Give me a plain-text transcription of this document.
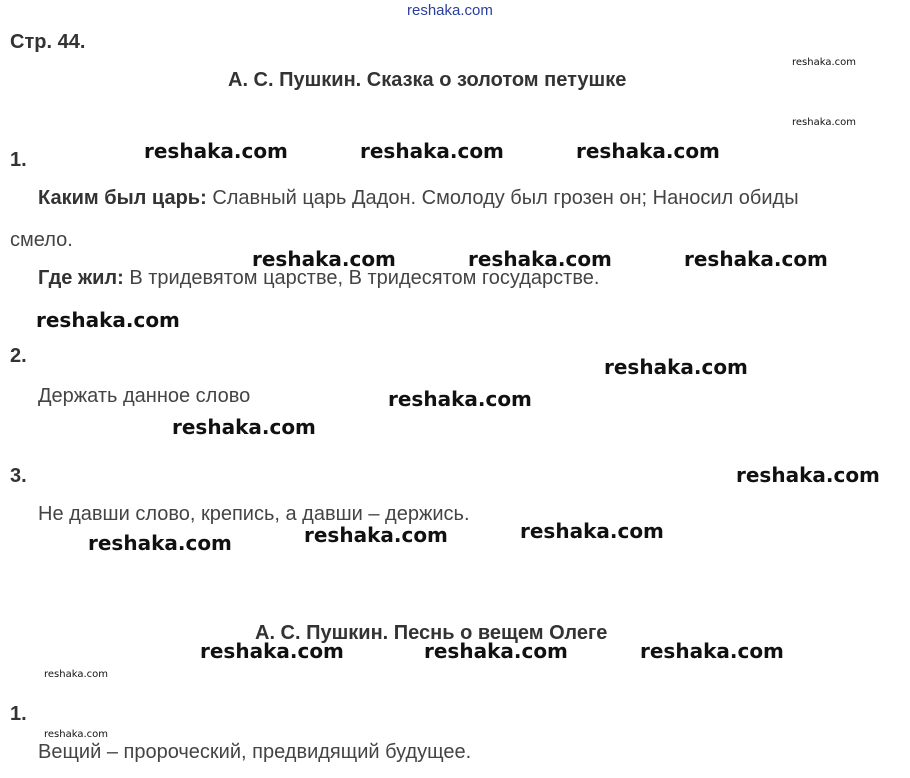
reshaka.com
Стр. 44.
А. С. Пушкин. Сказка о золотом петушке
1.
Каким был царь: Славный царь Дадон. Смолоду был грозен он; Наносил обиды
смело.
Где жил: В тридевятом царстве, В тридесятом государстве.
2.
Держать данное слово
3.
Не давши слово, крепись, а давши – держись.
А. С. Пушкин. Песнь о вещем Олеге
1.
Вещий – пророческий, предвидящий будущее.
reshaka.com
reshaka.com
reshaka.com
reshaka.com
reshaka.com	reshaka.com	reshaka.com
reshaka.com	reshaka.com	reshaka.com
reshaka.com
reshaka.com
reshaka.com
reshaka.com
reshaka.com
reshaka.com
reshaka.com
reshaka.com
reshaka.com	reshaka.com	reshaka.com
